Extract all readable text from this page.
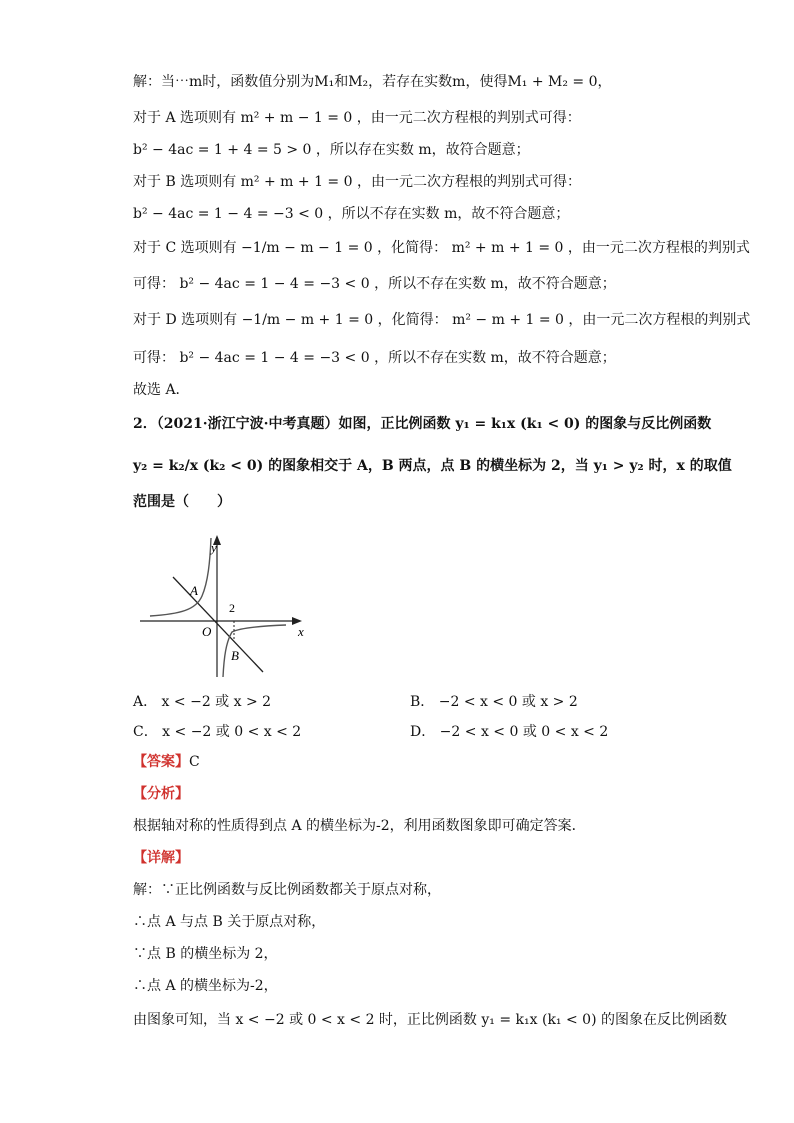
解：当⋯m时，函数值分别为M₁和M₂，若存在实数m，使得M₁ + M₂ = 0，
对于 A 选项则有 m² + m − 1 = 0 ，由一元二次方程根的判别式可得：
b² − 4ac = 1 + 4 = 5 > 0 ，所以存在实数 m，故符合题意；
对于 B 选项则有 m² + m + 1 = 0 ，由一元二次方程根的判别式可得：
b² − 4ac = 1 − 4 = −3 < 0 ，所以不存在实数 m，故不符合题意；
对于 C 选项则有 −1/m − m − 1 = 0 ，化简得： m² + m + 1 = 0 ，由一元二次方程根的判别式
可得： b² − 4ac = 1 − 4 = −3 < 0 ，所以不存在实数 m，故不符合题意；
对于 D 选项则有 −1/m − m + 1 = 0 ，化简得： m² − m + 1 = 0 ，由一元二次方程根的判别式
可得： b² − 4ac = 1 − 4 = −3 < 0 ，所以不存在实数 m，故不符合题意；
故选 A．
2．（2021·浙江宁波·中考真题）如图，正比例函数 y₁ = k₁x (k₁ < 0) 的图象与反比例函数
y₂ = k₂/x (k₂ < 0) 的图象相交于 A，B 两点，点 B 的横坐标为 2，当 y₁ > y₂ 时，x 的取值
范围是（　　）
y
x
O
A
B
2
A． x < −2 或 x > 2	B． −2 < x < 0 或 x > 2
C． x < −2 或 0 < x < 2	D． −2 < x < 0 或 0 < x < 2
【答案】C
【分析】
根据轴对称的性质得到点 A 的横坐标为-2，利用函数图象即可确定答案．
【详解】
解：∵正比例函数与反比例函数都关于原点对称，
∴点 A 与点 B 关于原点对称，
∵点 B 的横坐标为 2，
∴点 A 的横坐标为-2，
由图象可知，当 x < −2 或 0 < x < 2 时，正比例函数 y₁ = k₁x (k₁ < 0) 的图象在反比例函数
